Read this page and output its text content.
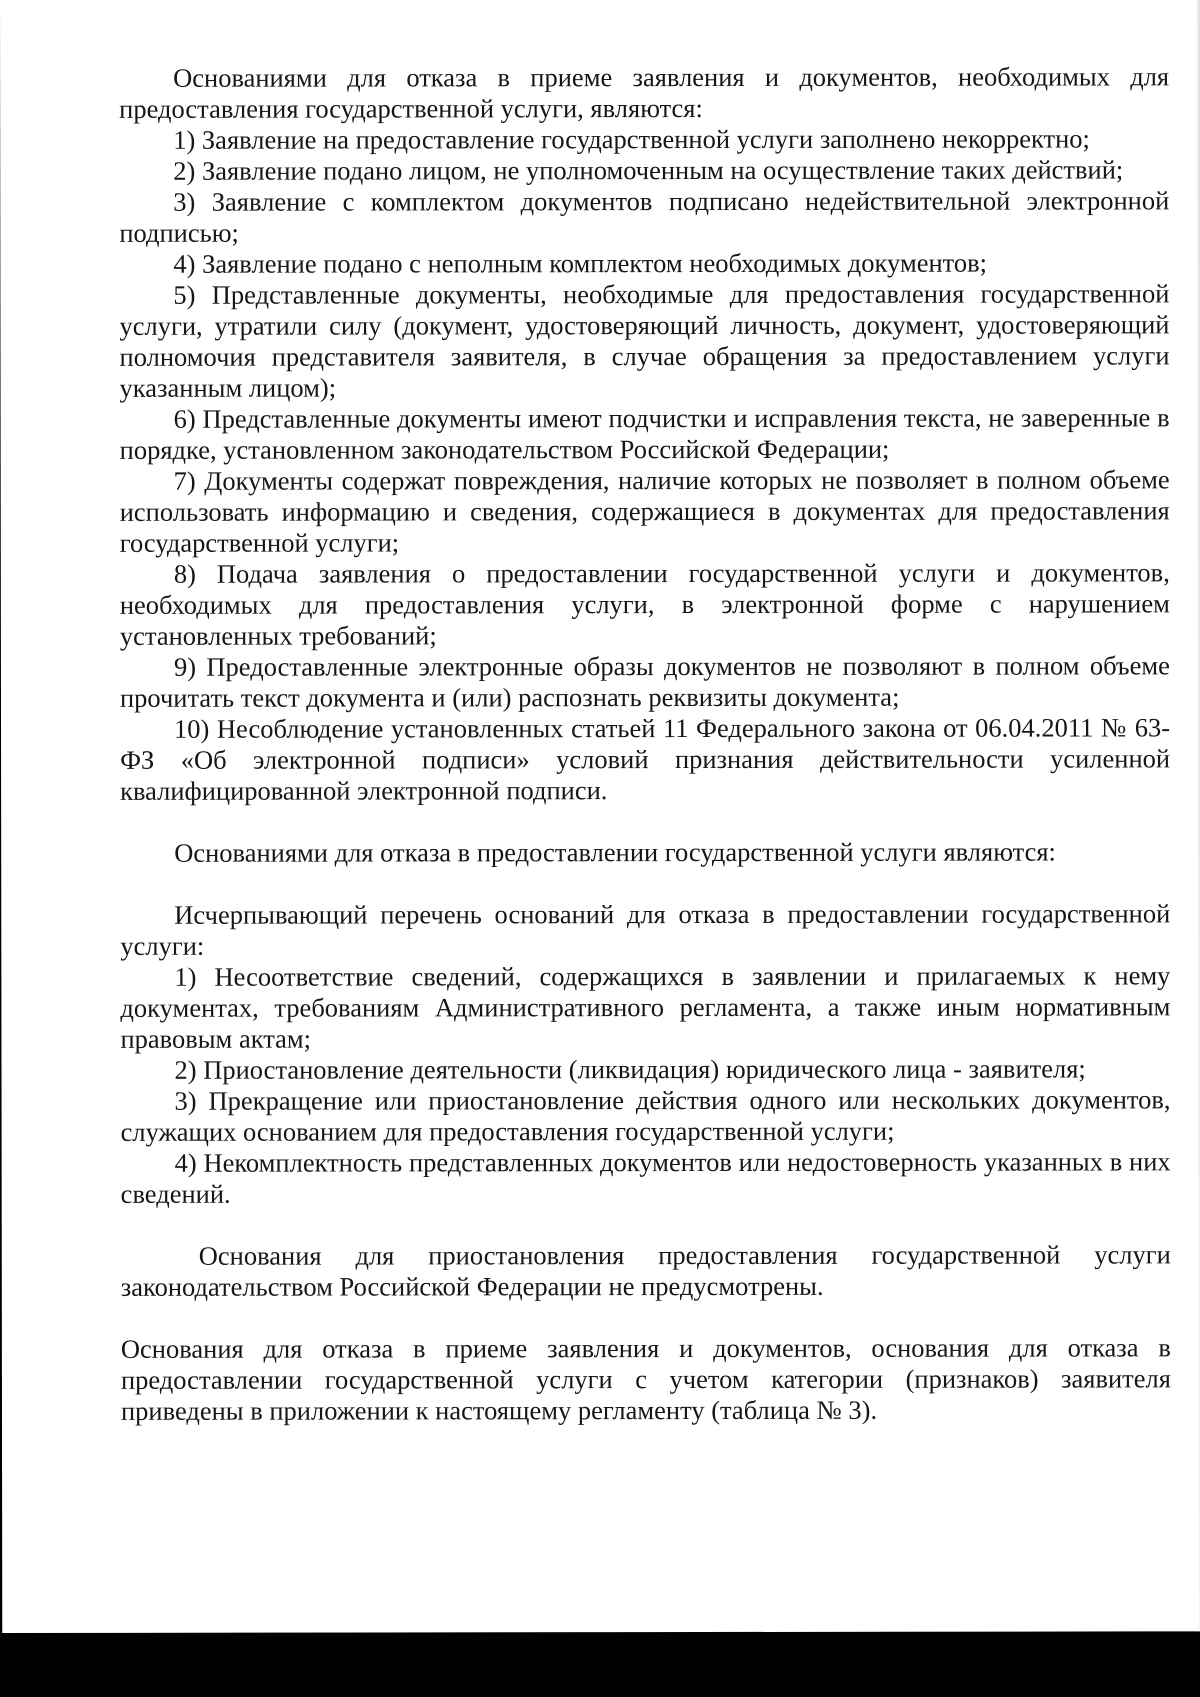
Основаниями для отказа в приеме заявления и документов, необходимых для предоставления государственной услуги, являются:

1) Заявление на предоставление государственной услуги заполнено некорректно;

2) Заявление подано лицом, не уполномоченным на осуществление таких действий;

3) Заявление с комплектом документов подписано недействительной электронной подписью;

4) Заявление подано с неполным комплектом необходимых документов;

5) Представленные документы, необходимые для предоставления государственной услуги, утратили силу (документ, удостоверяющий личность, документ, удостоверяющий полномочия представителя заявителя, в случае обращения за предоставлением услуги указанным лицом);

6) Представленные документы имеют подчистки и исправления текста, не заверенные в порядке, установленном законодательством Российской Федерации;

7) Документы содержат повреждения, наличие которых не позволяет в полном объеме использовать информацию и сведения, содержащиеся в документах для предоставления государственной услуги;

8) Подача заявления о предоставлении государственной услуги и документов, необходимых для предоставления услуги, в электронной форме с нарушением установленных требований;

9) Предоставленные электронные образы документов не позволяют в полном объеме прочитать текст документа и (или) распознать реквизиты документа;

10) Несоблюдение установленных статьей 11 Федерального закона от 06.04.2011 № 63-ФЗ «Об электронной подписи» условий признания действительности усиленной квалифицированной электронной подписи.

Основаниями для отказа в предоставлении государственной услуги являются:

Исчерпывающий перечень оснований для отказа в предоставлении государственной услуги:

1) Несоответствие сведений, содержащихся в заявлении и прилагаемых к нему документах, требованиям Административного регламента, а также иным нормативным правовым актам;

2) Приостановление деятельности (ликвидация) юридического лица - заявителя;

3) Прекращение или приостановление действия одного или нескольких документов, служащих основанием для предоставления государственной услуги;

4) Некомплектность представленных документов или недостоверность указанных в них сведений.

Основания для приостановления предоставления государственной услуги законодательством Российской Федерации не предусмотрены.

Основания для отказа в приеме заявления и документов, основания для отказа в предоставлении государственной услуги с учетом категории (признаков) заявителя приведены в приложении к настоящему регламенту (таблица № 3).
